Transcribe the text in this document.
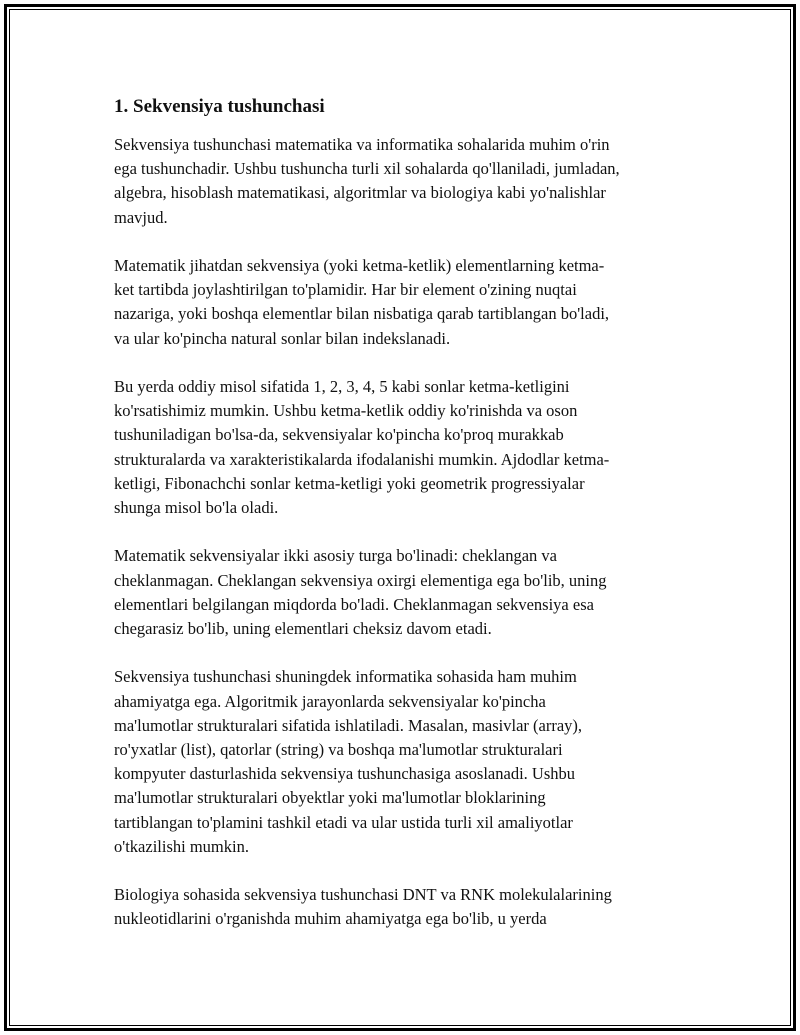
1. Sekvensiya tushunchasi

Sekvensiya tushunchasi matematika va informatika sohalarida muhim o'rin
ega tushunchadir. Ushbu tushuncha turli xil sohalarda qo'llaniladi, jumladan,
algebra, hisoblash matematikasi, algoritmlar va biologiya kabi yo'nalishlar
mavjud.

Matematik jihatdan sekvensiya (yoki ketma-ketlik) elementlarning ketma-
ket tartibda joylashtirilgan to'plamidir. Har bir element o'zining nuqtai
nazariga, yoki boshqa elementlar bilan nisbatiga qarab tartiblangan bo'ladi,
va ular ko'pincha natural sonlar bilan indekslanadi.

Bu yerda oddiy misol sifatida 1, 2, 3, 4, 5 kabi sonlar ketma-ketligini
ko'rsatishimiz mumkin. Ushbu ketma-ketlik oddiy ko'rinishda va oson
tushuniladigan bo'lsa-da, sekvensiyalar ko'pincha ko'proq murakkab
strukturalarda va xarakteristikalarda ifodalanishi mumkin. Ajdodlar ketma-
ketligi, Fibonachchi sonlar ketma-ketligi yoki geometrik progressiyalar
shunga misol bo'la oladi.

Matematik sekvensiyalar ikki asosiy turga bo'linadi: cheklangan va
cheklanmagan. Cheklangan sekvensiya oxirgi elementiga ega bo'lib, uning
elementlari belgilangan miqdorda bo'ladi. Cheklanmagan sekvensiya esa
chegarasiz bo'lib, uning elementlari cheksiz davom etadi.

Sekvensiya tushunchasi shuningdek informatika sohasida ham muhim
ahamiyatga ega. Algoritmik jarayonlarda sekvensiyalar ko'pincha
ma'lumotlar strukturalari sifatida ishlatiladi. Masalan, masivlar (array),
ro'yxatlar (list), qatorlar (string) va boshqa ma'lumotlar strukturalari
kompyuter dasturlashida sekvensiya tushunchasiga asoslanadi. Ushbu
ma'lumotlar strukturalari obyektlar yoki ma'lumotlar bloklarining
tartiblangan to'plamini tashkil etadi va ular ustida turli xil amaliyotlar
o'tkazilishi mumkin.

Biologiya sohasida sekvensiya tushunchasi DNT va RNK molekulalarining
nukleotidlarini o'rganishda muhim ahamiyatga ega bo'lib, u yerda
